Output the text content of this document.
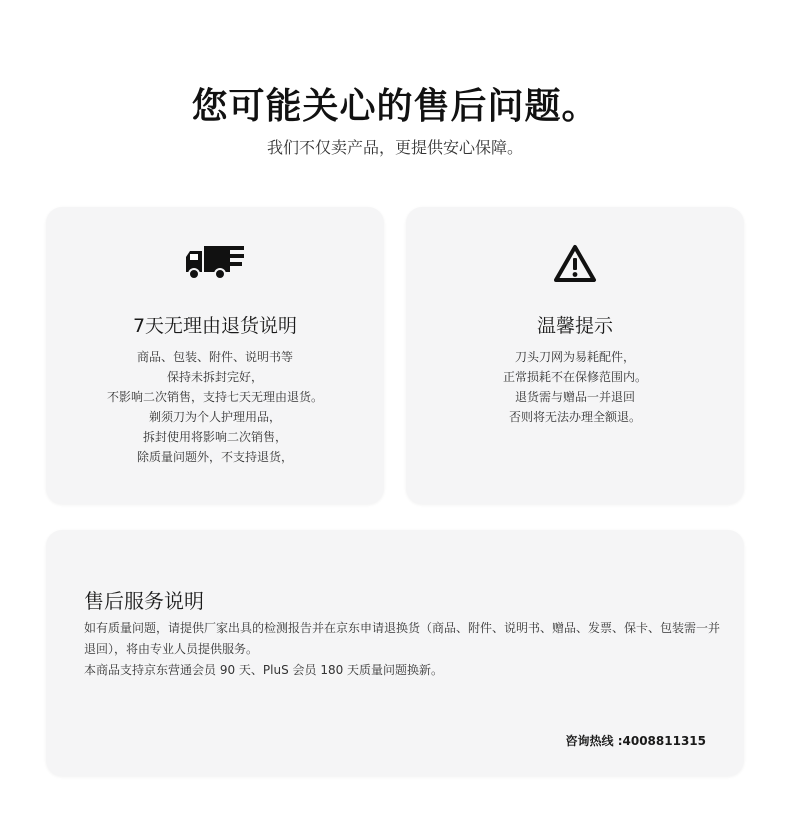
您可能关心的售后问题。
我们不仅卖产品，更提供安心保障。
7天无理由退货说明
商品、包装、附件、说明书等
保持未拆封完好，
不影响二次销售，支持七天无理由退货。
剃须刀为个人护理用品，
拆封使用将影响二次销售，
除质量问题外，不支持退货，
温馨提示
刀头刀网为易耗配件，
正常损耗不在保修范围内。
退货需与赠品一并退回
否则将无法办理全额退。
售后服务说明
如有质量问题，请提供厂家出具的检测报告并在京东申请退换货（商品、附件、说明书、赠品、发票、保卡、包装需一并
退回），将由专业人员提供服务。
本商品支持京东营通会员 90 天、PluS 会员 180 天质量问题换新。
咨询热线 :4008811315
